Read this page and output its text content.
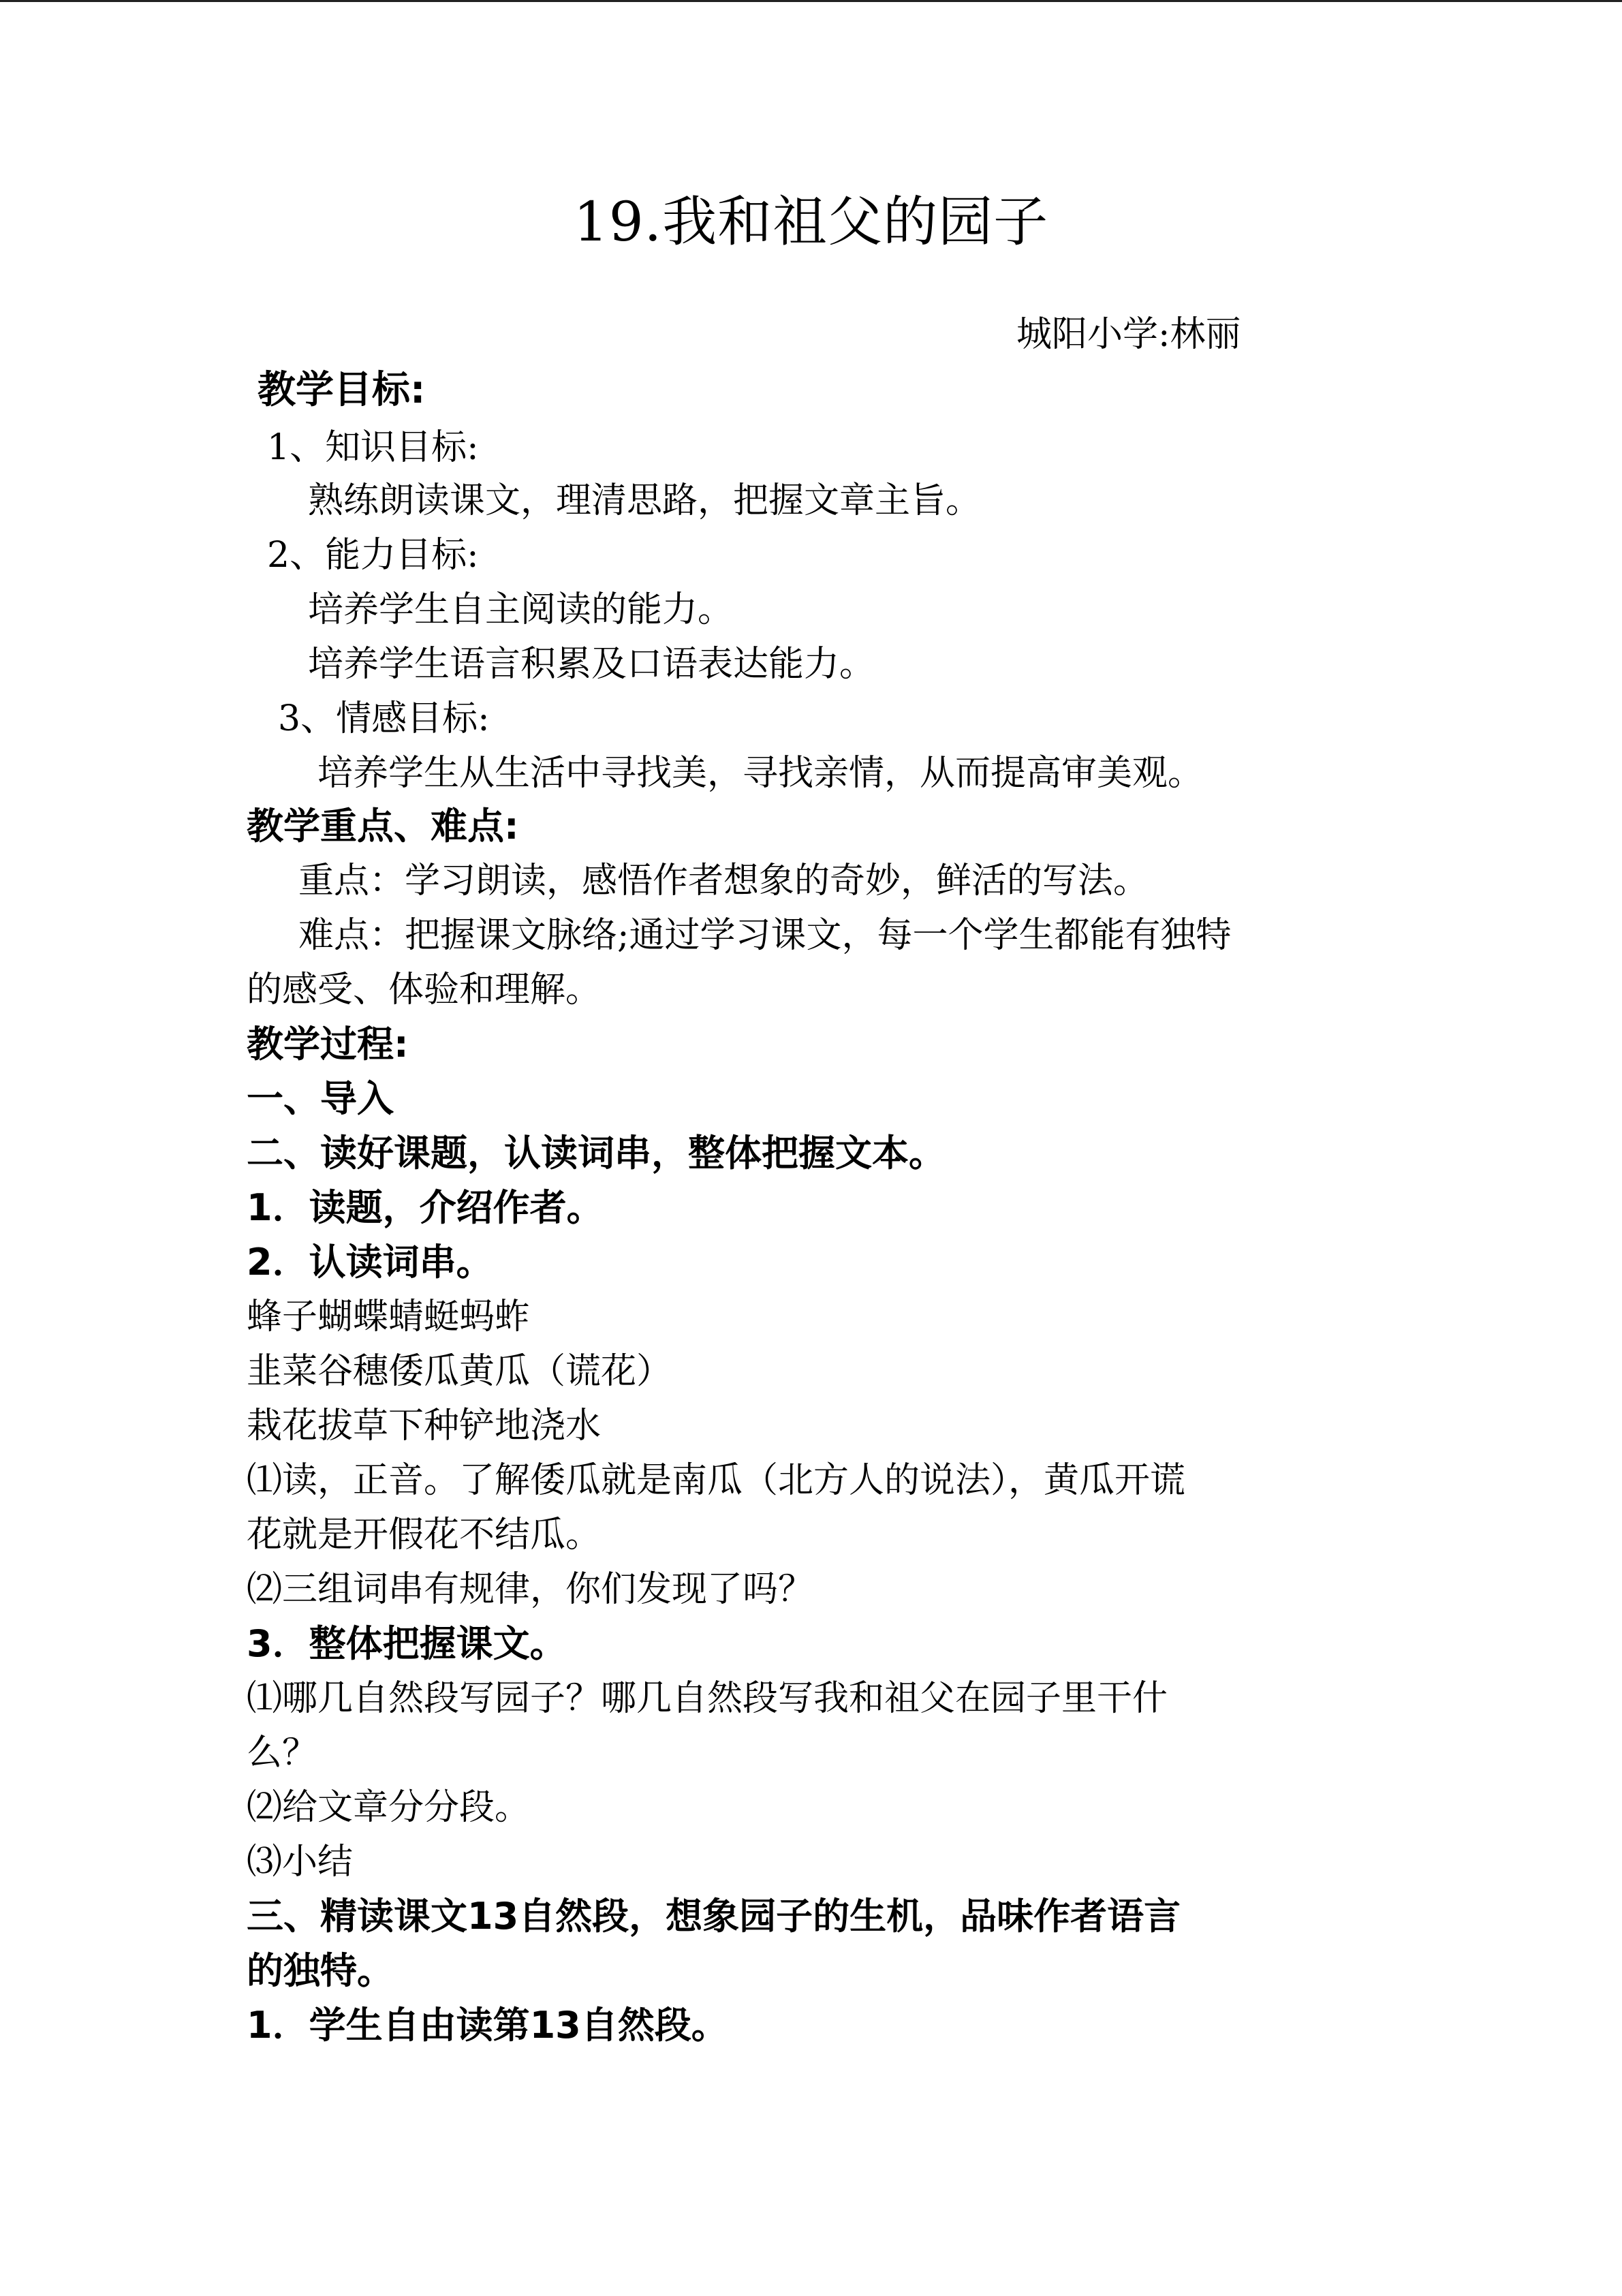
19.我和祖父的园子
城阳小学:林丽
教学目标:
1、知识目标:
熟练朗读课文，理清思路，把握文章主旨。
2、能力目标:
培养学生自主阅读的能力。
培养学生语言积累及口语表达能力。
3、情感目标:
培养学生从生活中寻找美，寻找亲情，从而提高审美观。
教学重点、难点:
重点：学习朗读，感悟作者想象的奇妙，鲜活的写法。
难点：把握课文脉络;通过学习课文，每一个学生都能有独特
的感受、体验和理解。
教学过程:
一、导入
二、读好课题，认读词串，整体把握文本。
1．读题，介绍作者。
2．认读词串。
蜂子蝴蝶蜻蜓蚂蚱
韭菜谷穗倭瓜黄瓜（谎花）
栽花拔草下种铲地浇水
⑴读，正音。了解倭瓜就是南瓜（北方人的说法），黄瓜开谎
花就是开假花不结瓜。
⑵三组词串有规律，你们发现了吗？
3．整体把握课文。
⑴哪几自然段写园子？哪几自然段写我和祖父在园子里干什
么？
⑵给文章分分段。
⑶小结
三、精读课文13自然段，想象园子的生机，品味作者语言
的独特。
1．学生自由读第13自然段。
